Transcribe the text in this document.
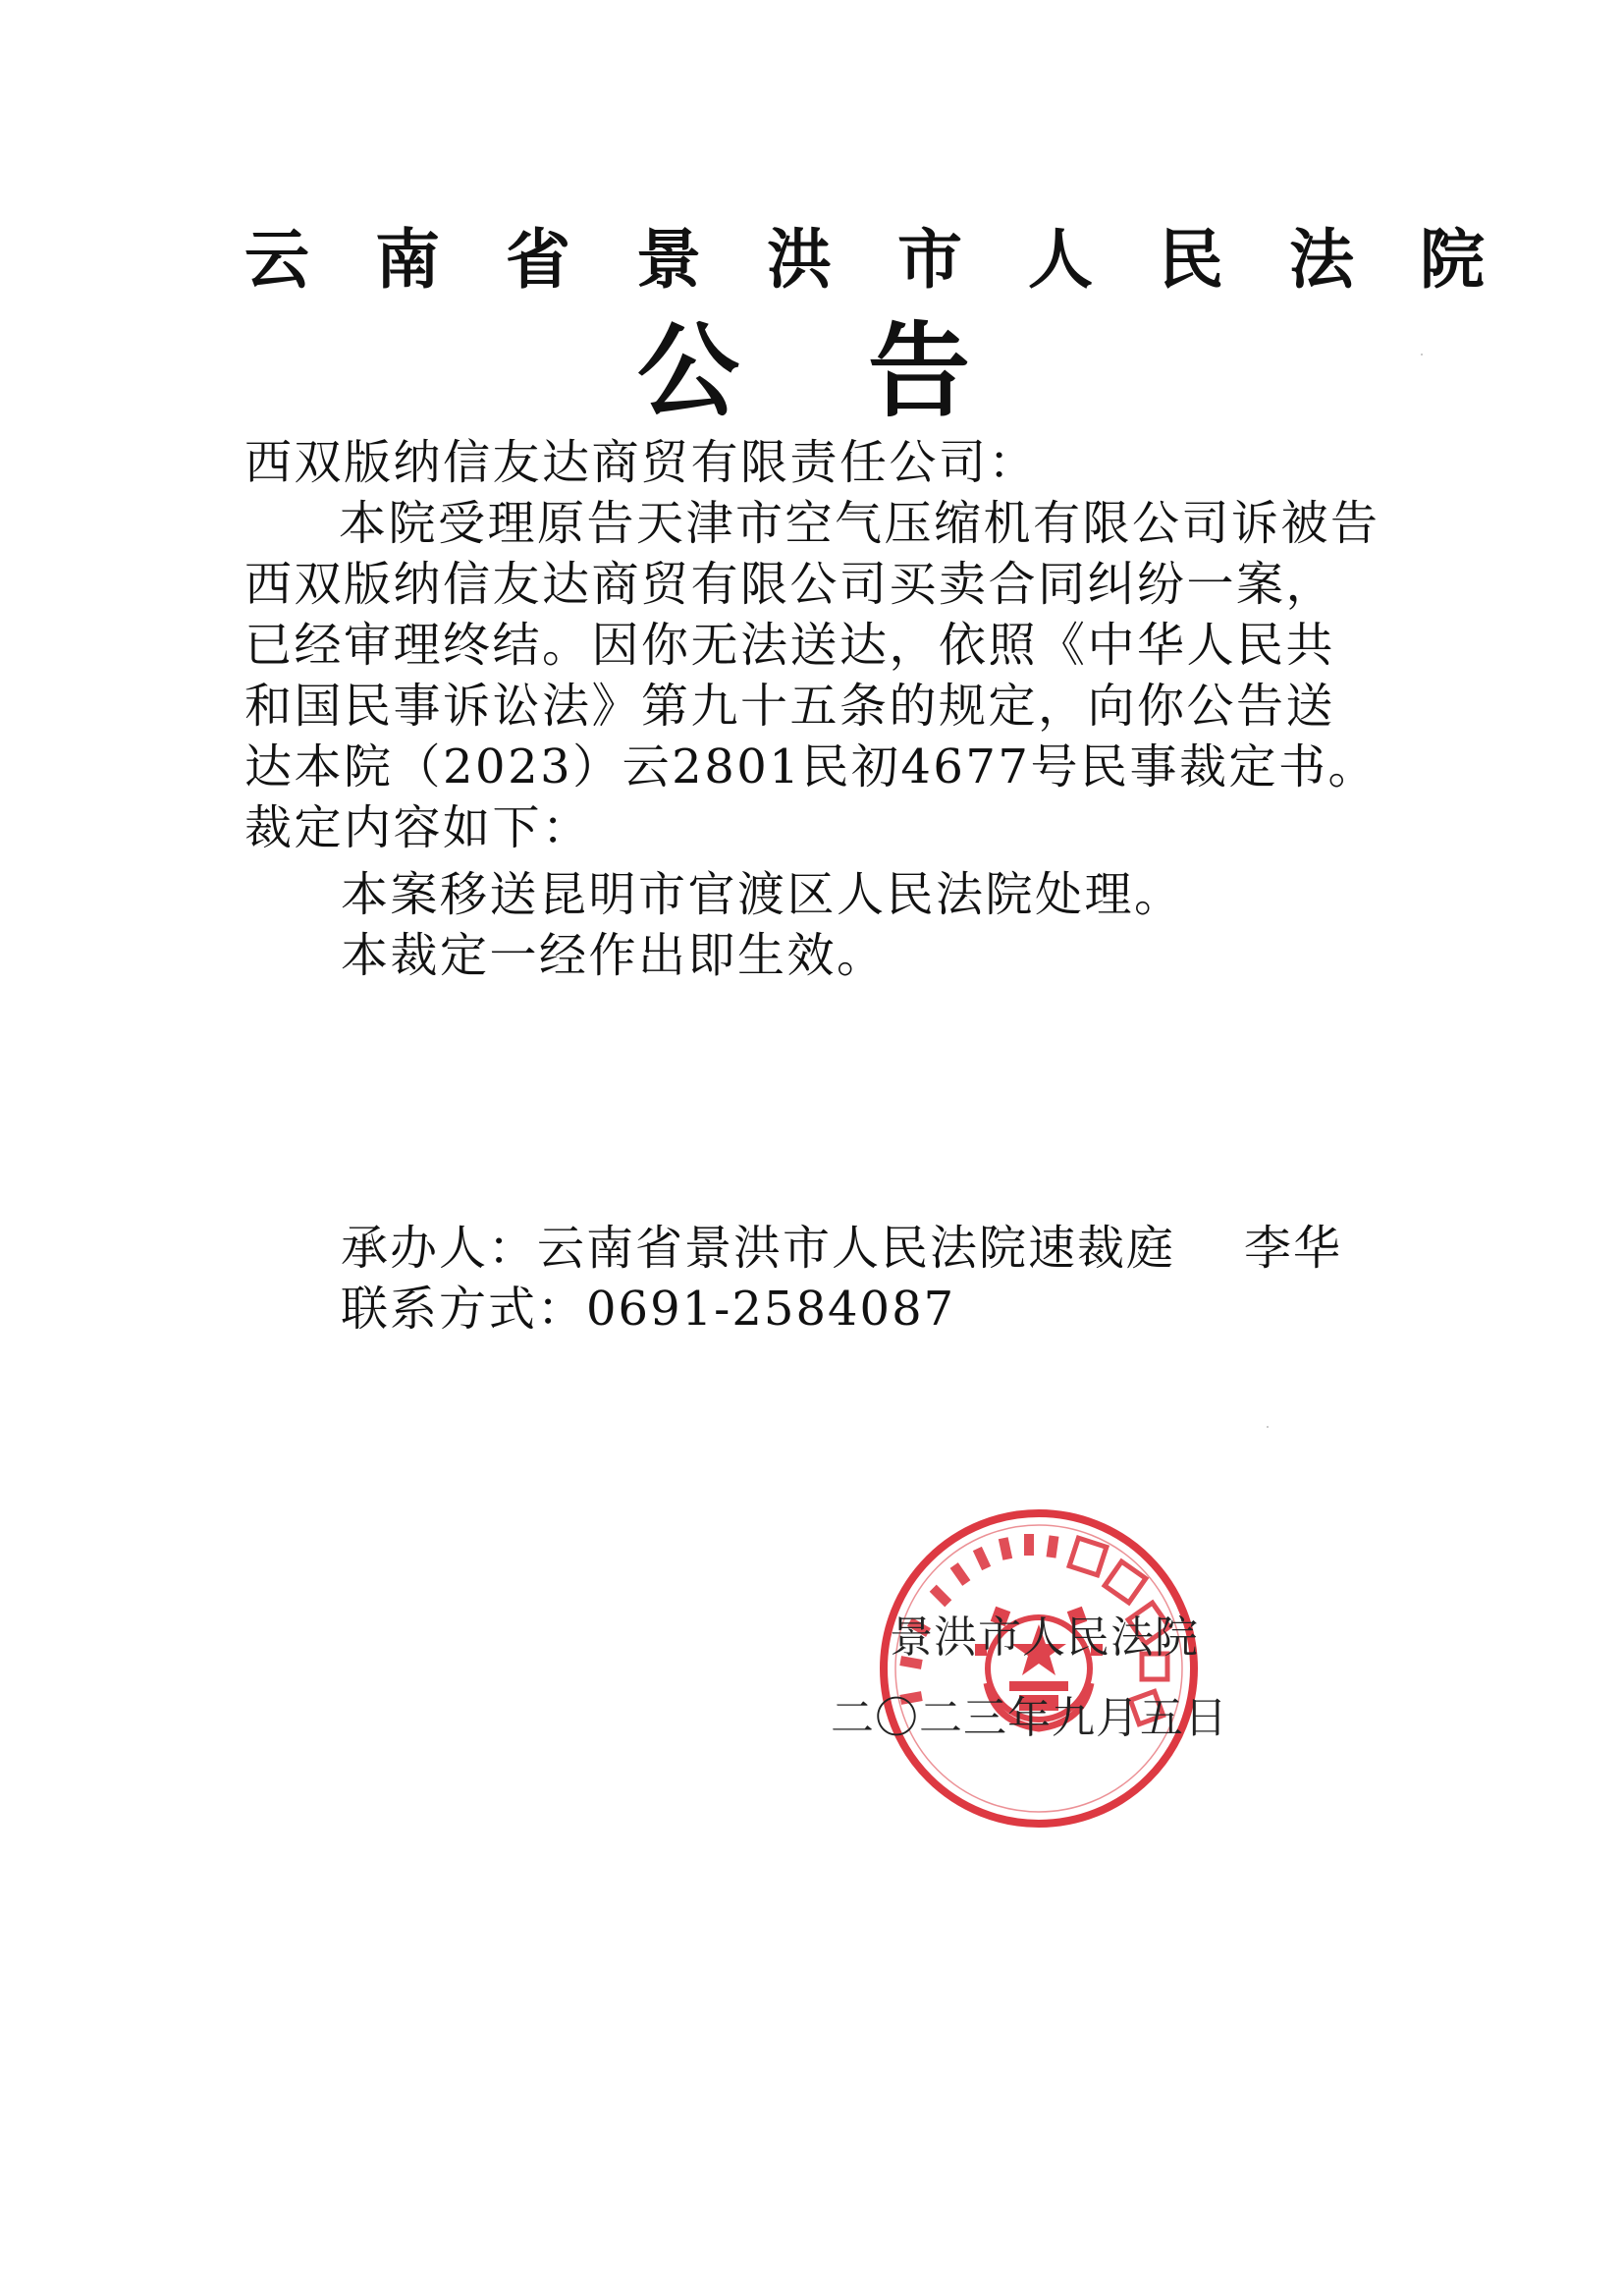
云南省景洪市人民法院
公告
西双版纳信友达商贸有限责任公司：
本院受理原告天津市空气压缩机有限公司诉被告西双版纳信友达商贸有限公司买卖合同纠纷一案，已经审理终结。因你无法送达，依照《中华人民共和国民事诉讼法》第九十五条的规定，向你公告送达本院（2023）云2801民初4677号民事裁定书。裁定内容如下：
本案移送昆明市官渡区人民法院处理。
本裁定一经作出即生效。
承办人：云南省景洪市人民法院速裁庭 李华
联系方式：0691-2584087
景洪市人民法院
二〇二三年九月五日
